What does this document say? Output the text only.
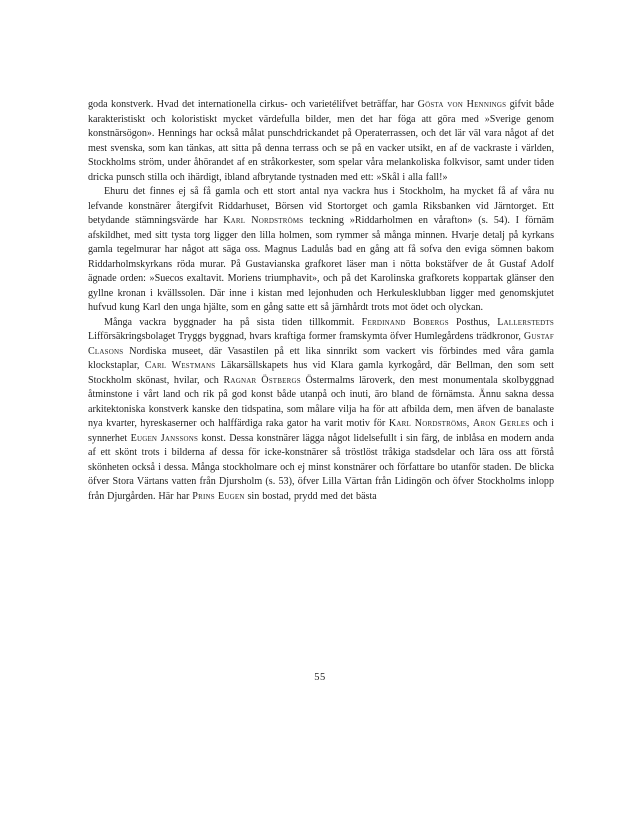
goda konstverk. Hvad det internationella cirkus- och varietélifvet beträffar, har Gösta von Hennings gifvit både karakteristiskt och koloristiskt mycket värdefulla bilder, men det har föga att göra med »Sverige genom konstnärsögon». Hennings har också målat punschdrickandet på Operaterrassen, och det lär väl vara något af det mest svenska, som kan tänkas, att sitta på denna terrass och se på en vacker utsikt, en af de vackraste i världen, Stockholms ström, under åhörandet af en stråkorkester, som spelar våra melankoliska folkvisor, samt under tiden dricka punsch stilla och ihärdigt, ibland afbrytande tystnaden med ett: »Skål i alla fall!»

Ehuru det finnes ej så få gamla och ett stort antal nya vackra hus i Stockholm, ha mycket få af våra nu lefvande konstnärer återgifvit Riddarhuset, Börsen vid Stortorget och gamla Riksbanken vid Järntorget. Ett betydande stämningsvärde har Karl Nordströms teckning »Riddarholmen en vårafton» (s. 54). I förnäm afskildhet, med sitt tysta torg ligger den lilla holmen, som rymmer så många minnen. Hvarje detalj på kyrkans gamla tegelmurar har något att säga oss. Magnus Ladulås bad en gång att få sofva den eviga sömnen bakom Riddarholmskyrkans röda murar. På Gustavianska grafkoret läser man i nötta bokstäfver de åt Gustaf Adolf ägnade orden: »Suecos exaltavit. Moriens triumphavit», och på det Karolinska grafkorets koppartak glänser den gyllne kronan i kvällssolen. Där inne i kistan med lejonhuden och Herkulesklubban ligger med genomskjutet hufvud kung Karl den unga hjälte, som en gång satte ett så järnhårdt trots mot ödet och olyckan.

Många vackra byggnader ha på sista tiden tillkommit. Ferdinand Bobergs Posthus, Lallerstedts Lifförsäkringsbolaget Tryggs byggnad, hvars kraftiga former framskymta öfver Humlegårdens trädkronor, Gustaf Clasons Nordiska museet, där Vasastilen på ett lika sinnrikt som vackert vis förbindes med våra gamla klockstaplar, Carl Westmans Läkarsällskapets hus vid Klara gamla kyrkogård, där Bellman, den som sett Stockholm skönast, hvilar, och Ragnar Östbergs Östermalms läroverk, den mest monumentala skolbyggnad åtminstone i vårt land och rik på god konst både utanpå och inuti, äro bland de förnämsta. Ännu sakna dessa arkitektoniska konstverk kanske den tidspatina, som målare vilja ha för att afbilda dem, men äfven de banalaste nya kvarter, hyreskaserner och halffärdiga raka gator ha varit motiv för Karl Nordströms, Aron Gerles och i synnerhet Eugen Janssons konst. Dessa konstnärer lägga något lidelsefullt i sin färg, de inblåsa en modern anda af ett skönt trots i bilderna af dessa för icke-konstnärer så tröstlöst tråkiga stadsdelar och lära oss att förstå skönheten också i dessa. Många stockholmare och ej minst konstnärer och författare bo utanför staden. De blicka öfver Stora Värtans vatten från Djursholm (s. 53), öfver Lilla Värtan från Lidingön och öfver Stockholms inlopp från Djurgården. Här har Prins Eugen sin bostad, prydd med det bästa

55
